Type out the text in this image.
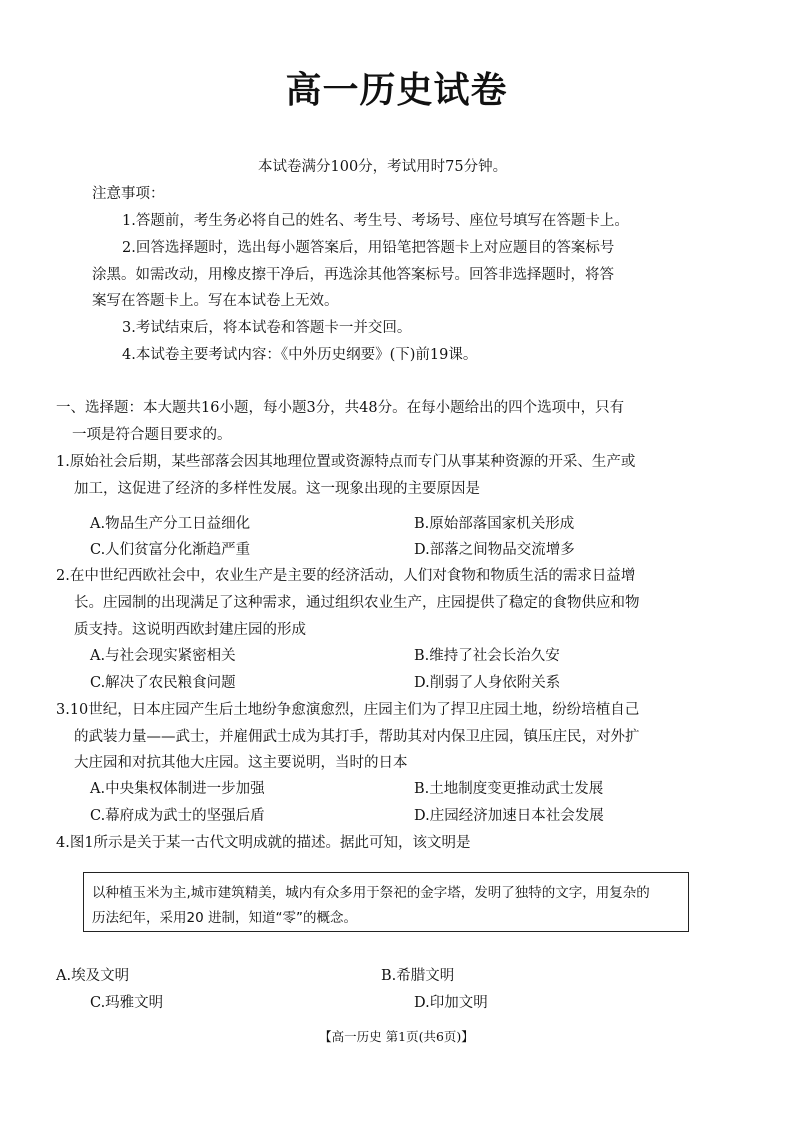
高一历史试卷
本试卷满分100分，考试用时75分钟。
注意事项：
1.答题前，考生务必将自己的姓名、考生号、考场号、座位号填写在答题卡上。
2.回答选择题时，选出每小题答案后，用铅笔把答题卡上对应题目的答案标号
涂黑。如需改动，用橡皮擦干净后，再选涂其他答案标号。回答非选择题时，将答
案写在答题卡上。写在本试卷上无效。
3.考试结束后，将本试卷和答题卡一并交回。
4.本试卷主要考试内容：《中外历史纲要》(下)前19课。
一、选择题：本大题共16小题，每小题3分，共48分。在每小题给出的四个选项中，只有
一项是符合题目要求的。
1.原始社会后期，某些部落会因其地理位置或资源特点而专门从事某种资源的开采、生产或
加工，这促进了经济的多样性发展。这一现象出现的主要原因是
A.物品生产分工日益细化	B.原始部落国家机关形成
C.人们贫富分化渐趋严重	D.部落之间物品交流增多
2.在中世纪西欧社会中，农业生产是主要的经济活动，人们对食物和物质生活的需求日益增
长。庄园制的出现满足了这种需求，通过组织农业生产，庄园提供了稳定的食物供应和物
质支持。这说明西欧封建庄园的形成
A.与社会现实紧密相关	B.维持了社会长治久安
C.解决了农民粮食问题	D.削弱了人身依附关系
3.10世纪，日本庄园产生后土地纷争愈演愈烈，庄园主们为了捍卫庄园土地，纷纷培植自己
的武装力量——武士，并雇佣武士成为其打手，帮助其对内保卫庄园，镇压庄民，对外扩
大庄园和对抗其他大庄园。这主要说明，当时的日本
A.中央集权体制进一步加强	B.土地制度变更推动武士发展
C.幕府成为武士的坚强后盾	D.庄园经济加速日本社会发展
4.图1所示是关于某一古代文明成就的描述。据此可知，该文明是
以种植玉米为主,城市建筑精美，城内有众多用于祭祀的金字塔，发明了独特的文字，用复杂的
历法纪年，采用20 进制，知道“零”的概念。
A.埃及文明	B.希腊文明
C.玛雅文明	D.印加文明
【高一历史 第1页(共6页)】
